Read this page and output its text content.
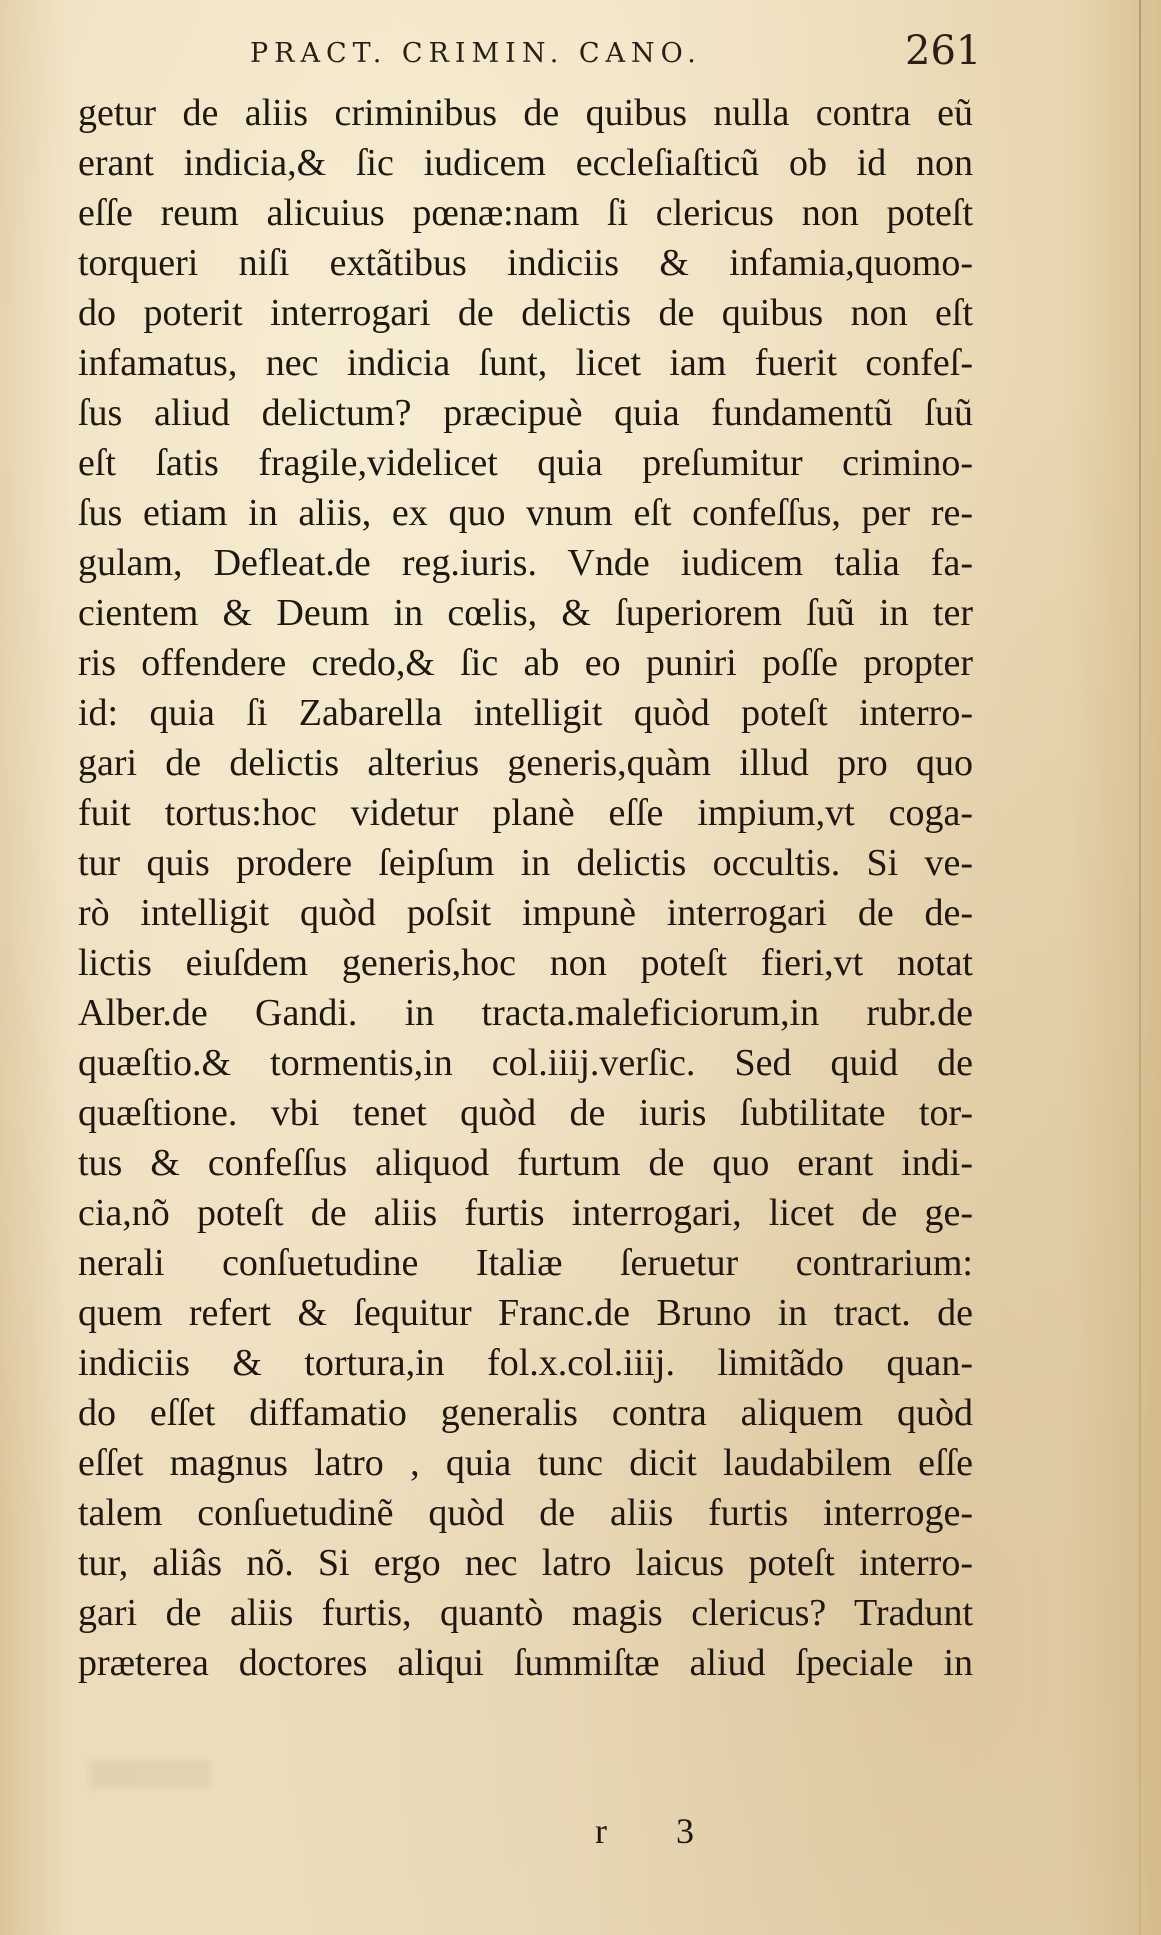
PRACT. CRIMIN. CANO.	261
getur de aliis criminibus de quibus nulla contra eũ
erant indicia,& ſic iudicem eccleſiaſticũ ob id non
eſſe reum alicuius pœnæ:nam ſi clericus non poteſt
torqueri niſi extãtibus indiciis & infamia,quomo-
do poterit interrogari de delictis de quibus non eſt
infamatus, nec indicia ſunt, licet iam fuerit confeſ-
ſus aliud delictum? præcipuè quia fundamentũ ſuũ
eſt ſatis fragile,videlicet quia preſumitur crimino-
ſus etiam in aliis, ex quo vnum eſt confeſſus, per re-
gulam, Defleat.de reg.iuris. Vnde iudicem talia fa-
cientem & Deum in cœlis, & ſuperiorem ſuũ in ter
ris offendere credo,& ſic ab eo puniri poſſe propter
id: quia ſi Zabarella intelligit quòd poteſt interro-
gari de delictis alterius generis,quàm illud pro quo
fuit tortus:hoc videtur planè eſſe impium,vt coga-
tur quis prodere ſeipſum in delictis occultis. Si ve-
rò intelligit quòd poſsit impunè interrogari de de-
lictis eiuſdem generis,hoc non poteſt fieri,vt notat
Alber.de Gandi. in tracta.maleficiorum,in rubr.de
quæſtio.& tormentis,in col.iiij.verſic. Sed quid de
quæſtione. vbi tenet quòd de iuris ſubtilitate tor-
tus & confeſſus aliquod furtum de quo erant indi-
cia,nõ poteſt de aliis furtis interrogari, licet de ge-
nerali conſuetudine Italiæ ſeruetur contrarium:
quem refert & ſequitur Franc.de Bruno in tract. de
indiciis & tortura,in fol.x.col.iiij. limitãdo quan-
do eſſet diffamatio generalis contra aliquem quòd
eſſet magnus latro , quia tunc dicit laudabilem eſſe
talem conſuetudinẽ quòd de aliis furtis interroge-
tur, aliâs nõ. Si ergo nec latro laicus poteſt interro-
gari de aliis furtis, quantò magis clericus? Tradunt
præterea doctores aliqui ſummiſtæ aliud ſpeciale in
r 3
